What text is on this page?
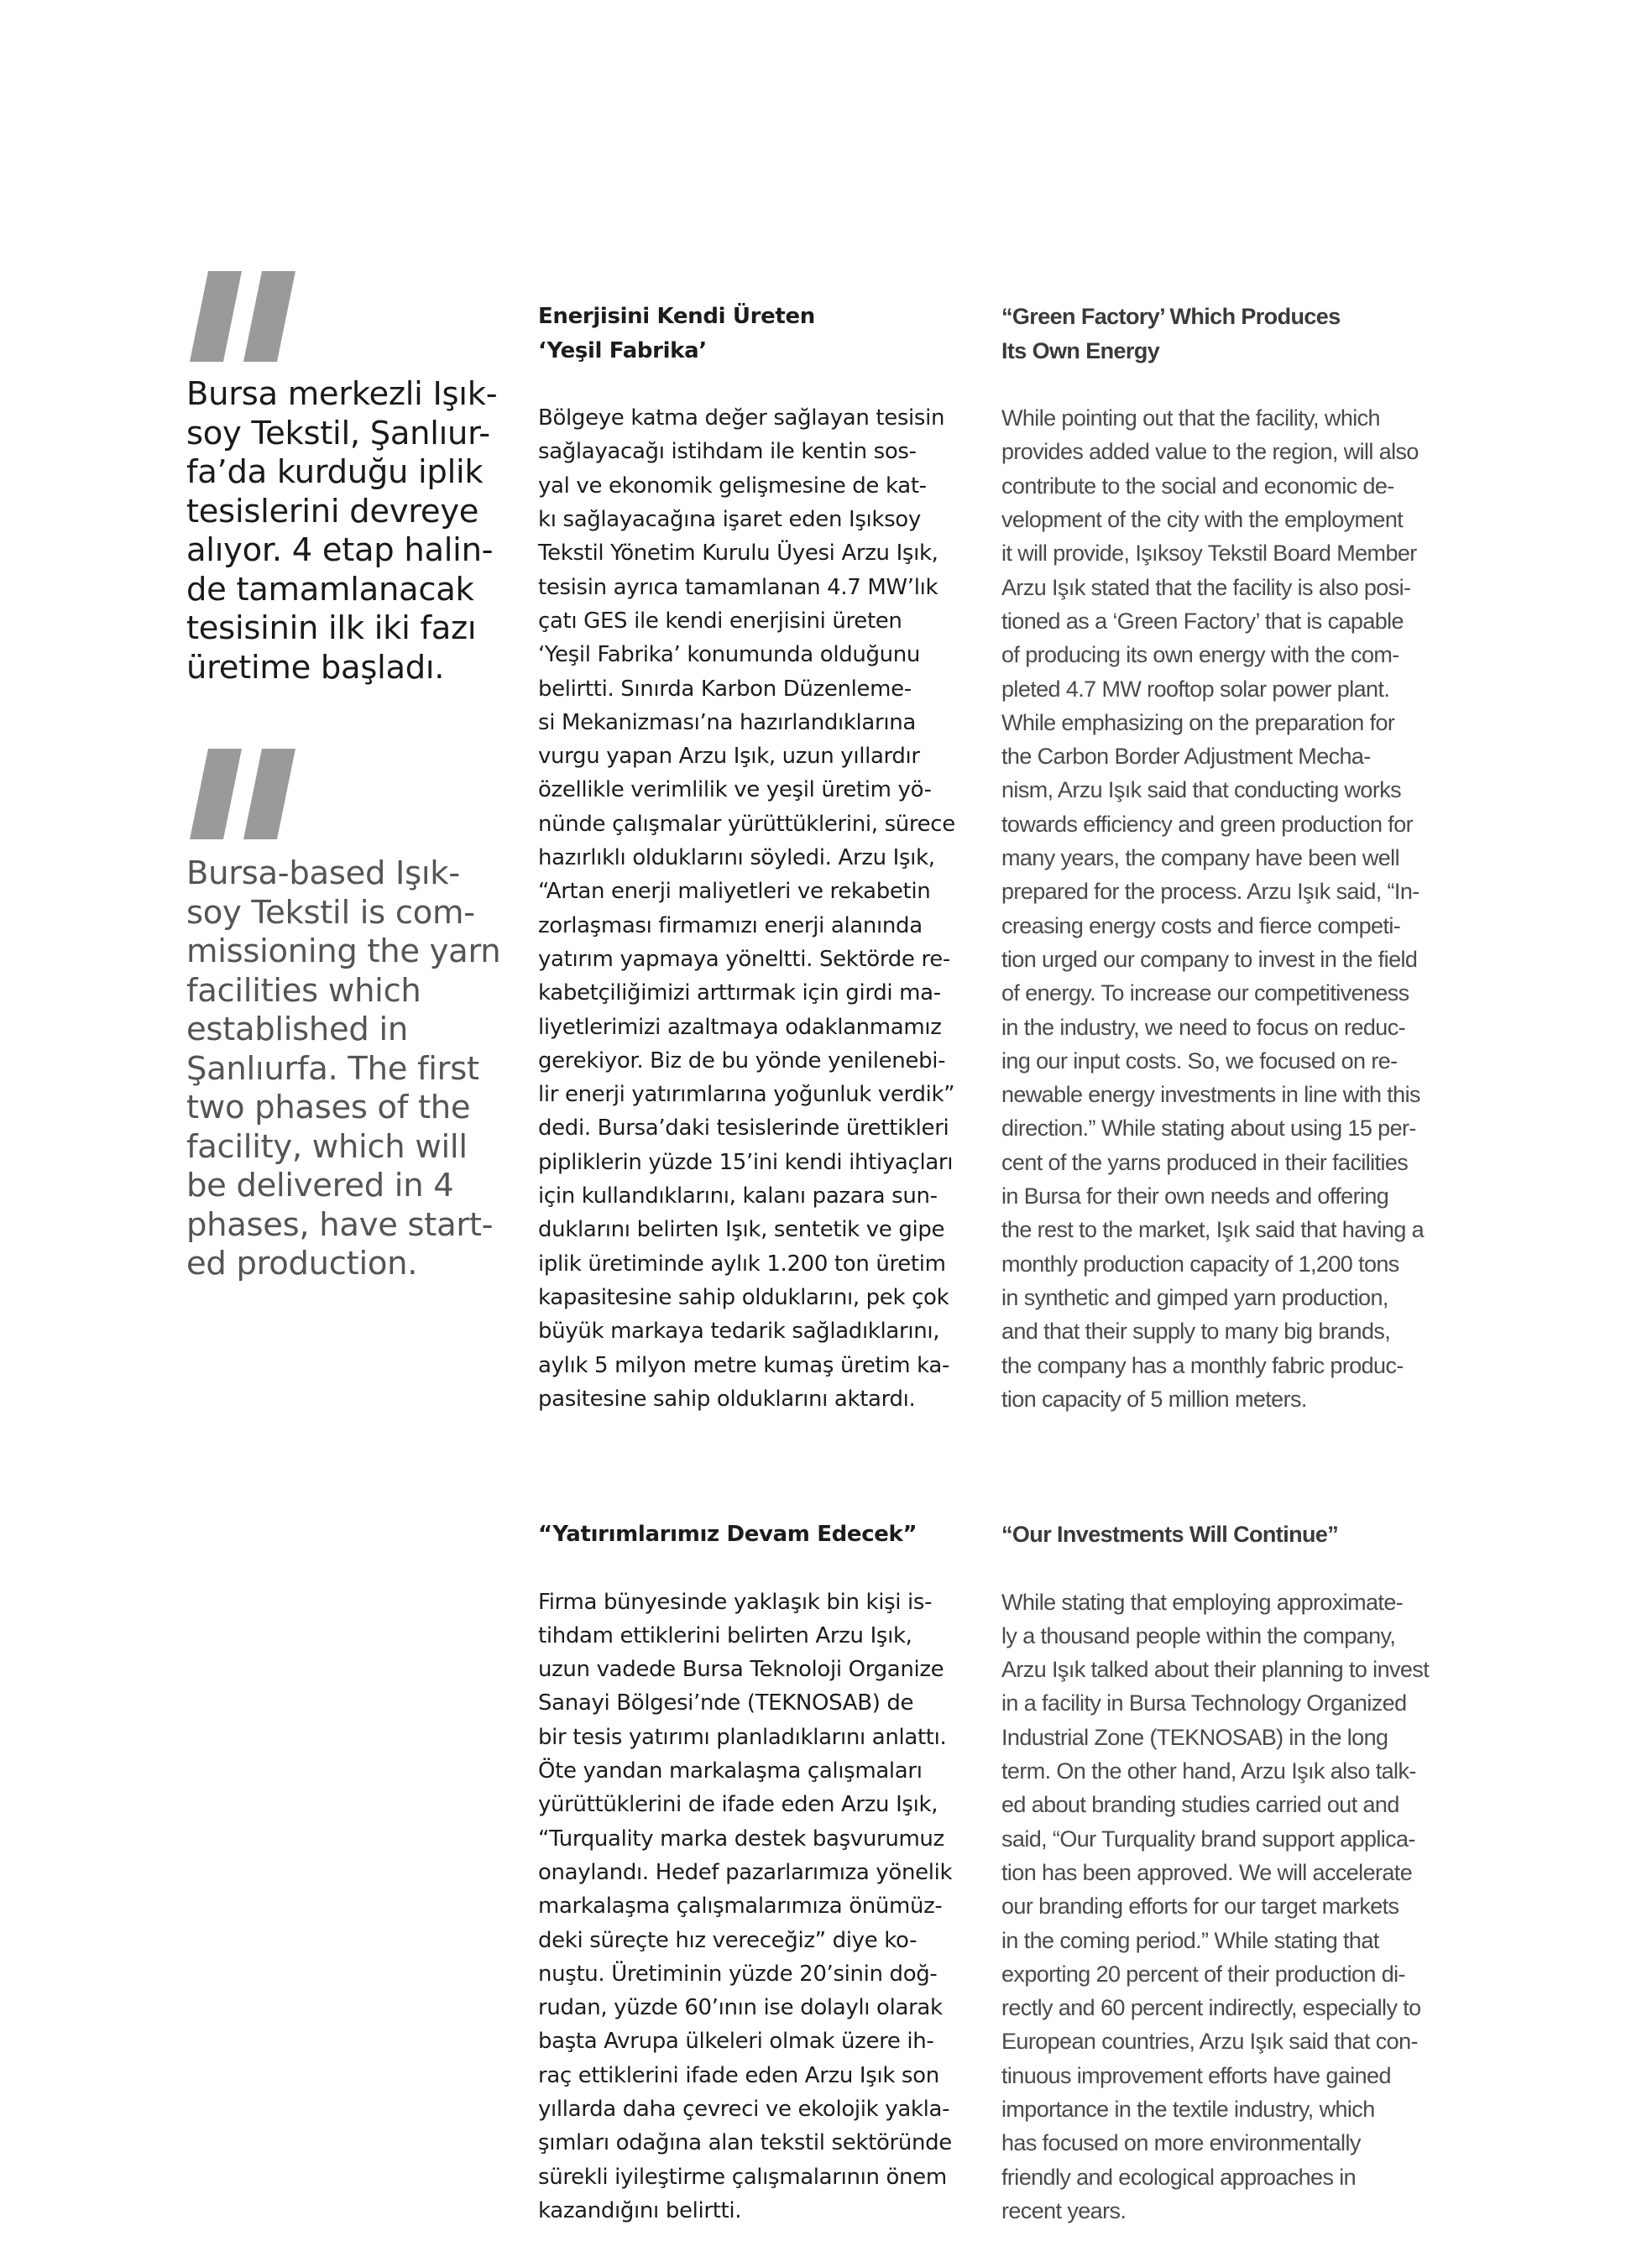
Bursa merkezli Işık-
soy Tekstil, Şanlıur-
fa’da kurduğu iplik
tesislerini devreye
alıyor. 4 etap halin-
de tamamlanacak
tesisinin ilk iki fazı
üretime başladı.
Bursa-based Işık-
soy Tekstil is com-
missioning the yarn
facilities which
established in
Şanlıurfa. The first
two phases of the
facility, which will
be delivered in 4
phases, have start-
ed production.

Enerjisini Kendi Üreten
‘Yeşil Fabrika’

Bölgeye katma değer sağlayan tesisin
sağlayacağı istihdam ile kentin sos-
yal ve ekonomik gelişmesine de kat-
kı sağlayacağına işaret eden Işıksoy
Tekstil Yönetim Kurulu Üyesi Arzu Işık,
tesisin ayrıca tamamlanan 4.7 MW’lık
çatı GES ile kendi enerjisini üreten
‘Yeşil Fabrika’ konumunda olduğunu
belirtti. Sınırda Karbon Düzenleme-
si Mekanizması’na hazırlandıklarına
vurgu yapan Arzu Işık, uzun yıllardır
özellikle verimlilik ve yeşil üretim yö-
nünde çalışmalar yürüttüklerini, sürece
hazırlıklı olduklarını söyledi. Arzu Işık,
“Artan enerji maliyetleri ve rekabetin
zorlaşması firmamızı enerji alanında
yatırım yapmaya yöneltti. Sektörde re-
kabetçiliğimizi arttırmak için girdi ma-
liyetlerimizi azaltmaya odaklanmamız
gerekiyor. Biz de bu yönde yenilenebi-
lir enerji yatırımlarına yoğunluk verdik”
dedi. Bursa’daki tesislerinde ürettikleri
pipliklerin yüzde 15’ini kendi ihtiyaçları
için kullandıklarını, kalanı pazara sun-
duklarını belirten Işık, sentetik ve gipe
iplik üretiminde aylık 1.200 ton üretim
kapasitesine sahip olduklarını, pek çok
büyük markaya tedarik sağladıklarını,
aylık 5 milyon metre kumaş üretim ka-
pasitesine sahip olduklarını aktardı.

“Yatırımlarımız Devam Edecek”

Firma bünyesinde yaklaşık bin kişi is-
tihdam ettiklerini belirten Arzu Işık,
uzun vadede Bursa Teknoloji Organize
Sanayi Bölgesi’nde (TEKNOSAB) de
bir tesis yatırımı planladıklarını anlattı.
Öte yandan markalaşma çalışmaları
yürüttüklerini de ifade eden Arzu Işık,
“Turquality marka destek başvurumuz
onaylandı. Hedef pazarlarımıza yönelik
markalaşma çalışmalarımıza önümüz-
deki süreçte hız vereceğiz” diye ko-
nuştu. Üretiminin yüzde 20’sinin doğ-
rudan, yüzde 60’ının ise dolaylı olarak
başta Avrupa ülkeleri olmak üzere ih-
raç ettiklerini ifade eden Arzu Işık son
yıllarda daha çevreci ve ekolojik yakla-
şımları odağına alan tekstil sektöründe
sürekli iyileştirme çalışmalarının önem
kazandığını belirtti.

“Green Factory’ Which Produces
Its Own Energy

While pointing out that the facility, which
provides added value to the region, will also
contribute to the social and economic de-
velopment of the city with the employment
it will provide, Işıksoy Tekstil Board Member
Arzu Işık stated that the facility is also posi-
tioned as a ‘Green Factory’ that is capable
of producing its own energy with the com-
pleted 4.7 MW rooftop solar power plant.
While emphasizing on the preparation for
the Carbon Border Adjustment Mecha-
nism, Arzu Işık said that conducting works
towards efficiency and green production for
many years, the company have been well
prepared for the process. Arzu Işık said, “In-
creasing energy costs and fierce competi-
tion urged our company to invest in the field
of energy. To increase our competitiveness
in the industry, we need to focus on reduc-
ing our input costs. So, we focused on re-
newable energy investments in line with this
direction.” While stating about using 15 per-
cent of the yarns produced in their facilities
in Bursa for their own needs and offering
the rest to the market, Işık said that having a
monthly production capacity of 1,200 tons
in synthetic and gimped yarn production,
and that their supply to many big brands,
the company has a monthly fabric produc-
tion capacity of 5 million meters.

“Our Investments Will Continue”

While stating that employing approximate-
ly a thousand people within the company,
Arzu Işık talked about their planning to invest
in a facility in Bursa Technology Organized
Industrial Zone (TEKNOSAB) in the long
term. On the other hand, Arzu Işık also talk-
ed about branding studies carried out and
said, “Our Turquality brand support applica-
tion has been approved. We will accelerate
our branding efforts for our target markets
in the coming period.” While stating that
exporting 20 percent of their production di-
rectly and 60 percent indirectly, especially to
European countries, Arzu Işık said that con-
tinuous improvement efforts have gained
importance in the textile industry, which
has focused on more environmentally
friendly and ecological approaches in
recent years.
